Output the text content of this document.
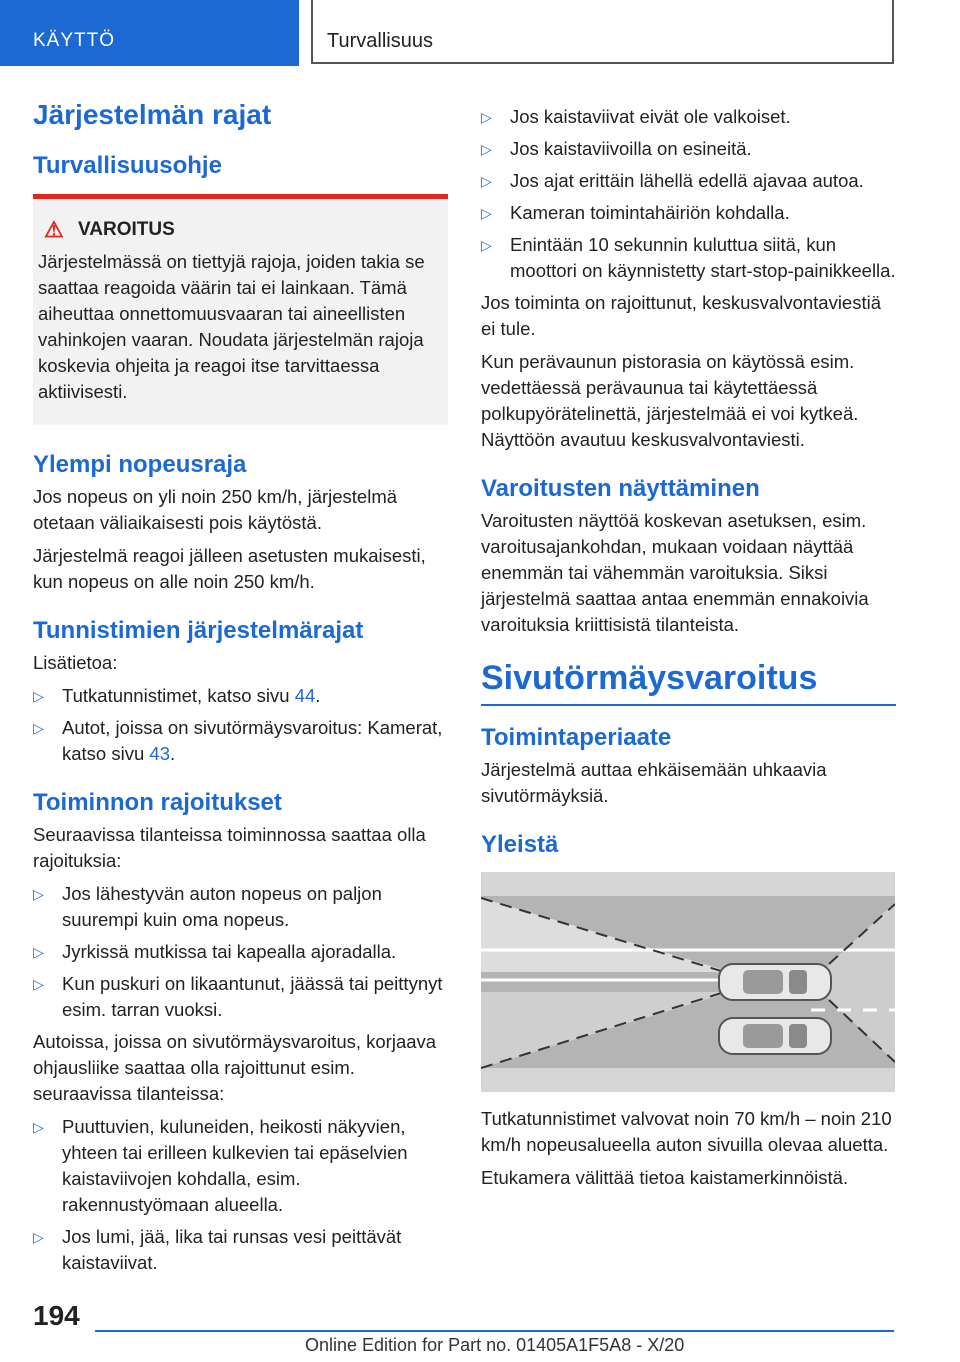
KÄYTTÖ	Turvallisuus
Järjestelmän rajat
Turvallisuusohje
⚠ VAROITUS

Järjestelmässä on tiettyjä rajoja, joiden takia se saattaa reagoida väärin tai ei lainkaan. Tämä aiheuttaa onnettomuusvaaran tai aineellisten vahinkojen vaaran. Noudata järjestelmän rajoja koskevia ohjeita ja reagoi itse tarvittaessa aktiivisesti.

Ylempi nopeusraja

Jos nopeus on yli noin 250 km/h, järjestelmä otetaan väliaikaisesti pois käytöstä.

Järjestelmä reagoi jälleen asetusten mukaisesti, kun nopeus on alle noin 250 km/h.

Tunnistimien järjestelmärajat

Lisätietoa:

▷ Tutkatunnistimet, katso sivu 44.
▷ Autot, joissa on sivutörmäysvaroitus: Kamerat, katso sivu 43.
Toiminnon rajoitukset

Seuraavissa tilanteissa toiminnossa saattaa olla rajoituksia:

▷ Jos lähestyvän auton nopeus on paljon suurempi kuin oma nopeus.
▷ Jyrkissä mutkissa tai kapealla ajoradalla.
▷ Kun puskuri on likaantunut, jäässä tai peittynyt esim. tarran vuoksi.

Autoissa, joissa on sivutörmäysvaroitus, korjaava ohjausliike saattaa olla rajoittunut esim. seuraavissa tilanteissa:

▷ Puuttuvien, kuluneiden, heikosti näkyvien, yhteen tai erilleen kulkevien tai epäselvien kaistaviivojen kohdalla, esim. rakennustyömaan alueella.
▷ Jos lumi, jää, lika tai runsas vesi peittävät kaistaviivat.
▷ Jos kaistaviivat eivät ole valkoiset.
▷ Jos kaistaviivoilla on esineitä.
▷ Jos ajat erittäin lähellä edellä ajavaa autoa.
▷ Kameran toimintahäiriön kohdalla.
▷ Enintään 10 sekunnin kuluttua siitä, kun moottori on käynnistetty start-stop-painikkeella.

Jos toiminta on rajoittunut, keskusvalvontaviestiä ei tule.

Kun perävaunun pistorasia on käytössä esim. vedettäessä perävaunua tai käytettäessä polkupyörätelinettä, järjestelmää ei voi kytkeä. Näyttöön avautuu keskusvalvontaviesti.

Varoitusten näyttäminen

Varoitusten näyttöä koskevan asetuksen, esim. varoitusajankohdan, mukaan voidaan näyttää enemmän tai vähemmän varoituksia. Siksi järjestelmä saattaa antaa enemmän ennakoivia varoituksia kriittisistä tilanteista.

Sivutörmäysvaroitus
Toimintaperiaate

Järjestelmä auttaa ehkäisemään uhkaavia sivutörmäyksiä.

Yleistä

Tutkatunnistimet valvovat noin 70 km/h – noin 210 km/h nopeusalueella auton sivuilla olevaa aluetta.

Etukamera välittää tietoa kaistamerkinnöistä.

194
Online Edition for Part no. 01405A1F5A8 - X/20
